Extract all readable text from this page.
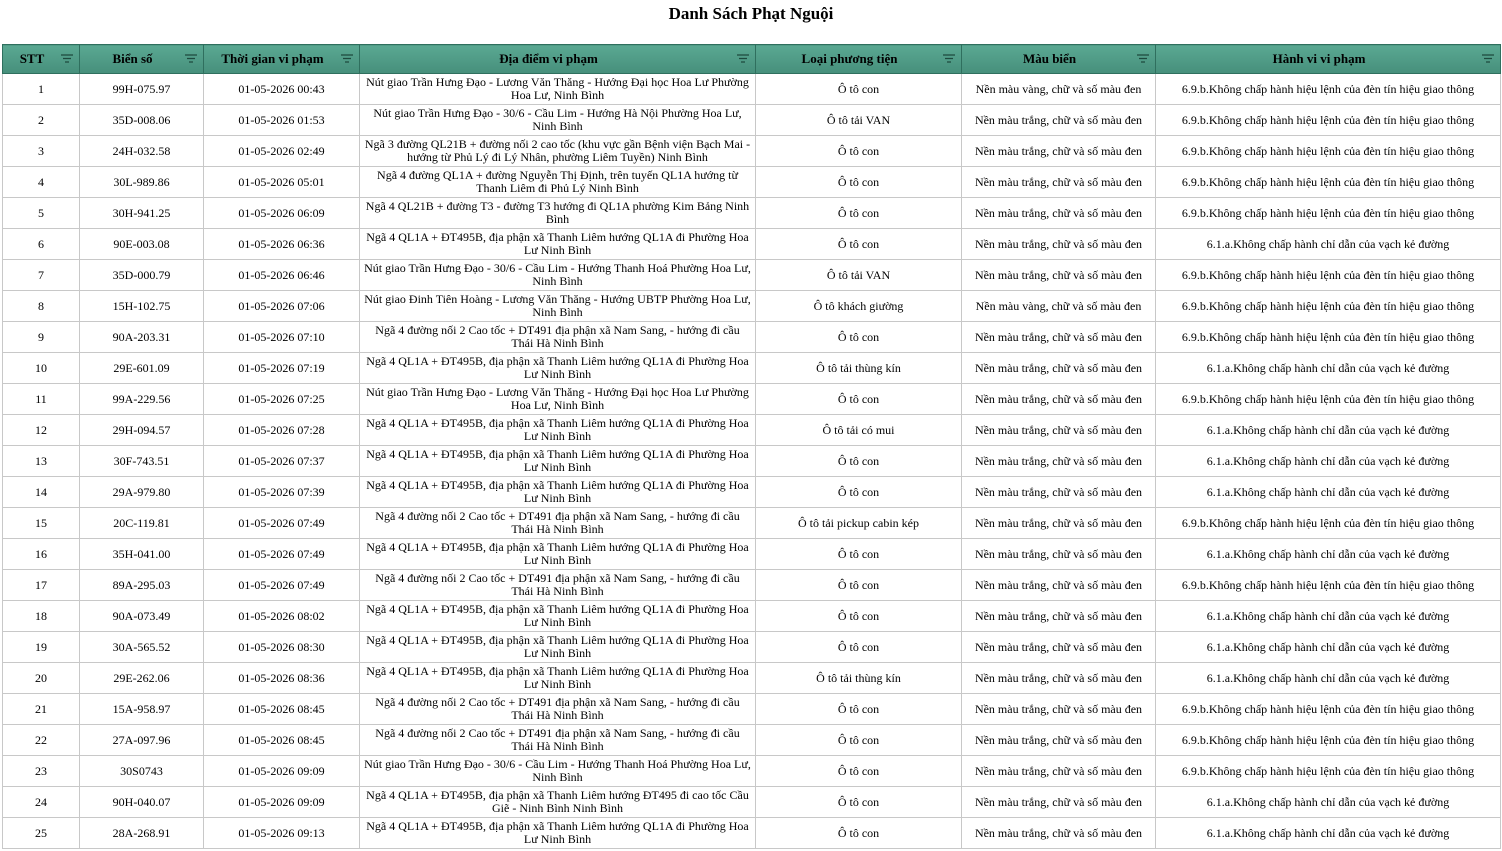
Danh Sách Phạt Nguội
STT	Biển số	Thời gian vi phạm	Địa điểm vi phạm	Loại phương tiện	Màu biển	Hành vi vi phạm

1	99H-075.97	01-05-2026 00:43	Nút giao Trần Hưng Đạo - Lương Văn Thăng - Hướng Đại học Hoa Lư Phường Hoa Lư, Ninh Bình	Ô tô con	Nền màu vàng, chữ và số màu đen	6.9.b.Không chấp hành hiệu lệnh của đèn tín hiệu giao thông
2	35D-008.06	01-05-2026 01:53	Nút giao Trần Hưng Đạo - 30/6 - Cầu Lim - Hướng Hà Nội Phường Hoa Lư, Ninh Bình	Ô tô tải VAN	Nền màu trắng, chữ và số màu đen	6.9.b.Không chấp hành hiệu lệnh của đèn tín hiệu giao thông
3	24H-032.58	01-05-2026 02:49	Ngã 3 đường QL21B + đường nối 2 cao tốc (khu vực gần Bệnh viện Bạch Mai - hướng từ Phủ Lý đi Lý Nhân, phường Liêm Tuyền) Ninh Bình	Ô tô con	Nền màu trắng, chữ và số màu đen	6.9.b.Không chấp hành hiệu lệnh của đèn tín hiệu giao thông
4	30L-989.86	01-05-2026 05:01	Ngã 4 đường QL1A + đường Nguyễn Thị Định, trên tuyến QL1A hướng từ Thanh Liêm đi Phủ Lý Ninh Bình	Ô tô con	Nền màu trắng, chữ và số màu đen	6.9.b.Không chấp hành hiệu lệnh của đèn tín hiệu giao thông
5	30H-941.25	01-05-2026 06:09	Ngã 4 QL21B + đường T3 - đường T3 hướng đi QL1A phường Kim Bảng Ninh Bình	Ô tô con	Nền màu trắng, chữ và số màu đen	6.9.b.Không chấp hành hiệu lệnh của đèn tín hiệu giao thông
6	90E-003.08	01-05-2026 06:36	Ngã 4 QL1A + ĐT495B, địa phận xã Thanh Liêm hướng QL1A đi Phường Hoa Lư Ninh Bình	Ô tô con	Nền màu trắng, chữ và số màu đen	6.1.a.Không chấp hành chỉ dẫn của vạch kẻ đường
7	35D-000.79	01-05-2026 06:46	Nút giao Trần Hưng Đạo - 30/6 - Cầu Lim - Hướng Thanh Hoá Phường Hoa Lư, Ninh Bình	Ô tô tải VAN	Nền màu trắng, chữ và số màu đen	6.9.b.Không chấp hành hiệu lệnh của đèn tín hiệu giao thông
8	15H-102.75	01-05-2026 07:06	Nút giao Đinh Tiên Hoàng - Lương Văn Thăng - Hướng UBTP Phường Hoa Lư, Ninh Bình	Ô tô khách giường	Nền màu vàng, chữ và số màu đen	6.9.b.Không chấp hành hiệu lệnh của đèn tín hiệu giao thông
9	90A-203.31	01-05-2026 07:10	Ngã 4 đường nối 2 Cao tốc + DT491 địa phận xã Nam Sang, - hướng đi cầu Thái Hà Ninh Bình	Ô tô con	Nền màu trắng, chữ và số màu đen	6.9.b.Không chấp hành hiệu lệnh của đèn tín hiệu giao thông
10	29E-601.09	01-05-2026 07:19	Ngã 4 QL1A + ĐT495B, địa phận xã Thanh Liêm hướng QL1A đi Phường Hoa Lư Ninh Bình	Ô tô tải thùng kín	Nền màu trắng, chữ và số màu đen	6.1.a.Không chấp hành chỉ dẫn của vạch kẻ đường
11	99A-229.56	01-05-2026 07:25	Nút giao Trần Hưng Đạo - Lương Văn Thăng - Hướng Đại học Hoa Lư Phường Hoa Lư, Ninh Bình	Ô tô con	Nền màu trắng, chữ và số màu đen	6.9.b.Không chấp hành hiệu lệnh của đèn tín hiệu giao thông
12	29H-094.57	01-05-2026 07:28	Ngã 4 QL1A + ĐT495B, địa phận xã Thanh Liêm hướng QL1A đi Phường Hoa Lư Ninh Bình	Ô tô tải có mui	Nền màu trắng, chữ và số màu đen	6.1.a.Không chấp hành chỉ dẫn của vạch kẻ đường
13	30F-743.51	01-05-2026 07:37	Ngã 4 QL1A + ĐT495B, địa phận xã Thanh Liêm hướng QL1A đi Phường Hoa Lư Ninh Bình	Ô tô con	Nền màu trắng, chữ và số màu đen	6.1.a.Không chấp hành chỉ dẫn của vạch kẻ đường
14	29A-979.80	01-05-2026 07:39	Ngã 4 QL1A + ĐT495B, địa phận xã Thanh Liêm hướng QL1A đi Phường Hoa Lư Ninh Bình	Ô tô con	Nền màu trắng, chữ và số màu đen	6.1.a.Không chấp hành chỉ dẫn của vạch kẻ đường
15	20C-119.81	01-05-2026 07:49	Ngã 4 đường nối 2 Cao tốc + DT491 địa phận xã Nam Sang, - hướng đi cầu Thái Hà Ninh Bình	Ô tô tải pickup cabin kép	Nền màu trắng, chữ và số màu đen	6.9.b.Không chấp hành hiệu lệnh của đèn tín hiệu giao thông
16	35H-041.00	01-05-2026 07:49	Ngã 4 QL1A + ĐT495B, địa phận xã Thanh Liêm hướng QL1A đi Phường Hoa Lư Ninh Bình	Ô tô con	Nền màu trắng, chữ và số màu đen	6.1.a.Không chấp hành chỉ dẫn của vạch kẻ đường
17	89A-295.03	01-05-2026 07:49	Ngã 4 đường nối 2 Cao tốc + DT491 địa phận xã Nam Sang, - hướng đi cầu Thái Hà Ninh Bình	Ô tô con	Nền màu trắng, chữ và số màu đen	6.9.b.Không chấp hành hiệu lệnh của đèn tín hiệu giao thông
18	90A-073.49	01-05-2026 08:02	Ngã 4 QL1A + ĐT495B, địa phận xã Thanh Liêm hướng QL1A đi Phường Hoa Lư Ninh Bình	Ô tô con	Nền màu trắng, chữ và số màu đen	6.1.a.Không chấp hành chỉ dẫn của vạch kẻ đường
19	30A-565.52	01-05-2026 08:30	Ngã 4 QL1A + ĐT495B, địa phận xã Thanh Liêm hướng QL1A đi Phường Hoa Lư Ninh Bình	Ô tô con	Nền màu trắng, chữ và số màu đen	6.1.a.Không chấp hành chỉ dẫn của vạch kẻ đường
20	29E-262.06	01-05-2026 08:36	Ngã 4 QL1A + ĐT495B, địa phận xã Thanh Liêm hướng QL1A đi Phường Hoa Lư Ninh Bình	Ô tô tải thùng kín	Nền màu trắng, chữ và số màu đen	6.1.a.Không chấp hành chỉ dẫn của vạch kẻ đường
21	15A-958.97	01-05-2026 08:45	Ngã 4 đường nối 2 Cao tốc + DT491 địa phận xã Nam Sang, - hướng đi cầu Thái Hà Ninh Bình	Ô tô con	Nền màu trắng, chữ và số màu đen	6.9.b.Không chấp hành hiệu lệnh của đèn tín hiệu giao thông
22	27A-097.96	01-05-2026 08:45	Ngã 4 đường nối 2 Cao tốc + DT491 địa phận xã Nam Sang, - hướng đi cầu Thái Hà Ninh Bình	Ô tô con	Nền màu trắng, chữ và số màu đen	6.9.b.Không chấp hành hiệu lệnh của đèn tín hiệu giao thông
23	30S0743	01-05-2026 09:09	Nút giao Trần Hưng Đạo - 30/6 - Cầu Lim - Hướng Thanh Hoá Phường Hoa Lư, Ninh Bình	Ô tô con	Nền màu trắng, chữ và số màu đen	6.9.b.Không chấp hành hiệu lệnh của đèn tín hiệu giao thông
24	90H-040.07	01-05-2026 09:09	Ngã 4 QL1A + ĐT495B, địa phận xã Thanh Liêm hướng ĐT495 đi cao tốc Cầu Giẽ - Ninh Bình Ninh Bình	Ô tô con	Nền màu trắng, chữ và số màu đen	6.1.a.Không chấp hành chỉ dẫn của vạch kẻ đường
25	28A-268.91	01-05-2026 09:13	Ngã 4 QL1A + ĐT495B, địa phận xã Thanh Liêm hướng QL1A đi Phường Hoa Lư Ninh Bình	Ô tô con	Nền màu trắng, chữ và số màu đen	6.1.a.Không chấp hành chỉ dẫn của vạch kẻ đường
